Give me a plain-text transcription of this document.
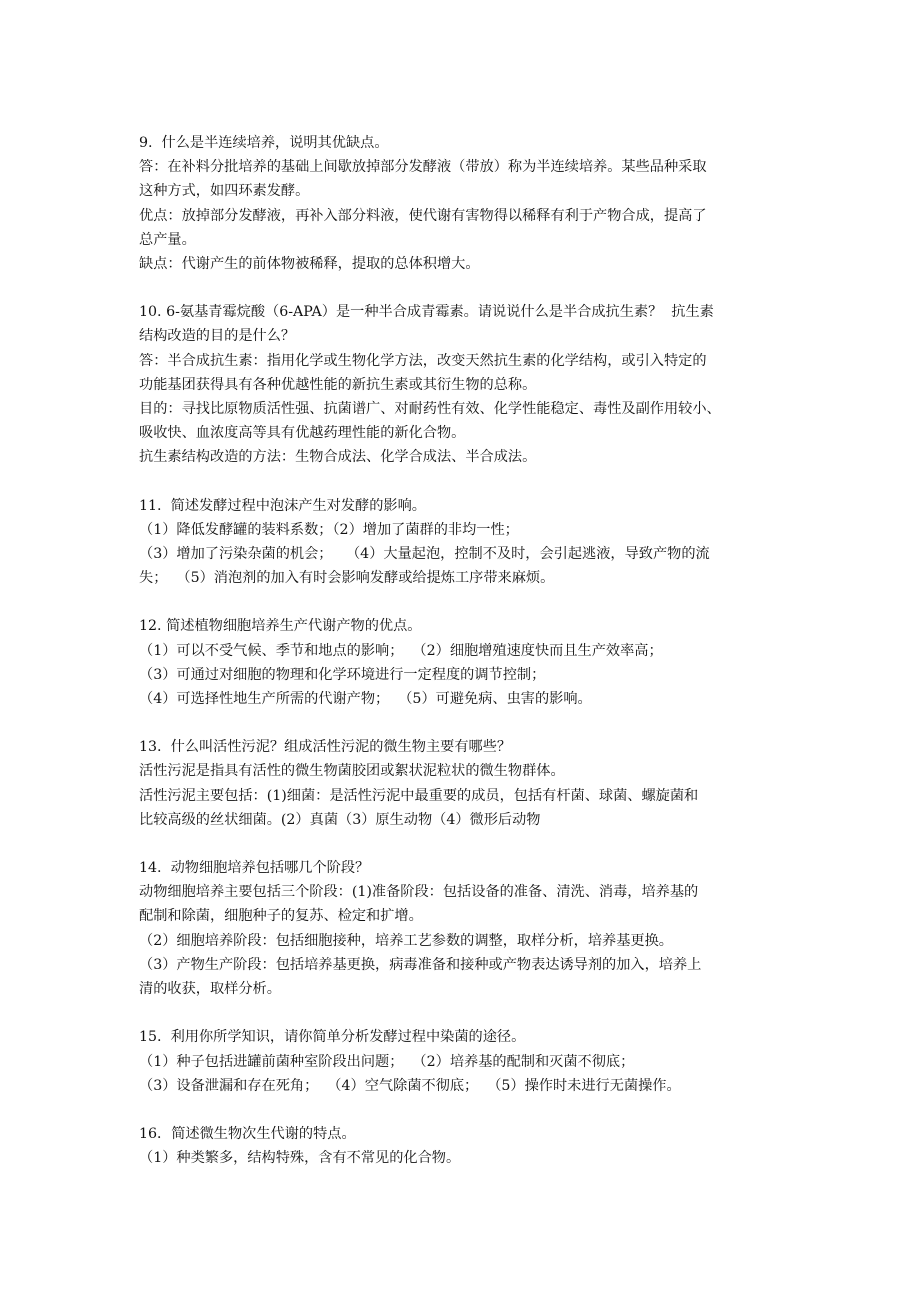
9.  什么是半连续培养，说明其优缺点。
答：在补料分批培养的基础上间歇放掉部分发酵液（带放）称为半连续培养。某些品种采取
这种方式，如四环素发酵。
优点：放掉部分发酵液，再补入部分料液，使代谢有害物得以稀释有利于产物合成，提高了
总产量。
缺点：代谢产生的前体物被稀释，提取的总体积增大。
10. 6-氨基青霉烷酸（6-APA）是一种半合成青霉素。请说说什么是半合成抗生素？  抗生素
结构改造的目的是什么？
答：半合成抗生素：指用化学或生物化学方法，改变天然抗生素的化学结构，或引入特定的
功能基团获得具有各种优越性能的新抗生素或其衍生物的总称。
目的：寻找比原物质活性强、抗菌谱广、对耐药性有效、化学性能稳定、毒性及副作用较小、
吸收快、血浓度高等具有优越药理性能的新化合物。
抗生素结构改造的方法：生物合成法、化学合成法、半合成法。
11.  简述发酵过程中泡沫产生对发酵的影响。
（1）降低发酵罐的装料系数；（2）增加了菌群的非均一性；
（3）增加了污染杂菌的机会；   （4）大量起泡，控制不及时，会引起逃液，导致产物的流
失；  （5）消泡剂的加入有时会影响发酵或给提炼工序带来麻烦。
12. 简述植物细胞培养生产代谢产物的优点。
（1）可以不受气候、季节和地点的影响；  （2）细胞增殖速度快而且生产效率高；
（3）可通过对细胞的物理和化学环境进行一定程度的调节控制；
（4）可选择性地生产所需的代谢产物；  （5）可避免病、虫害的影响。
13.  什么叫活性污泥？组成活性污泥的微生物主要有哪些？
活性污泥是指具有活性的微生物菌胶团或絮状泥粒状的微生物群体。
活性污泥主要包括：(1)细菌：是活性污泥中最重要的成员，包括有杆菌、球菌、螺旋菌和
比较高级的丝状细菌。(2）真菌（3）原生动物（4）微形后动物
14.  动物细胞培养包括哪几个阶段？
动物细胞培养主要包括三个阶段：(1)准备阶段：包括设备的准备、清洗、消毒，培养基的
配制和除菌，细胞种子的复苏、检定和扩增。
（2）细胞培养阶段：包括细胞接种，培养工艺参数的调整，取样分析，培养基更换。
（3）产物生产阶段：包括培养基更换，病毒准备和接种或产物表达诱导剂的加入，培养上
清的收获，取样分析。
15.  利用你所学知识，请你简单分析发酵过程中染菌的途径。
（1）种子包括进罐前菌种室阶段出问题；  （2）培养基的配制和灭菌不彻底；
（3）设备泄漏和存在死角；  （4）空气除菌不彻底；  （5）操作时未进行无菌操作。
16．简述微生物次生代谢的特点。
（1）种类繁多，结构特殊，含有不常见的化合物。
